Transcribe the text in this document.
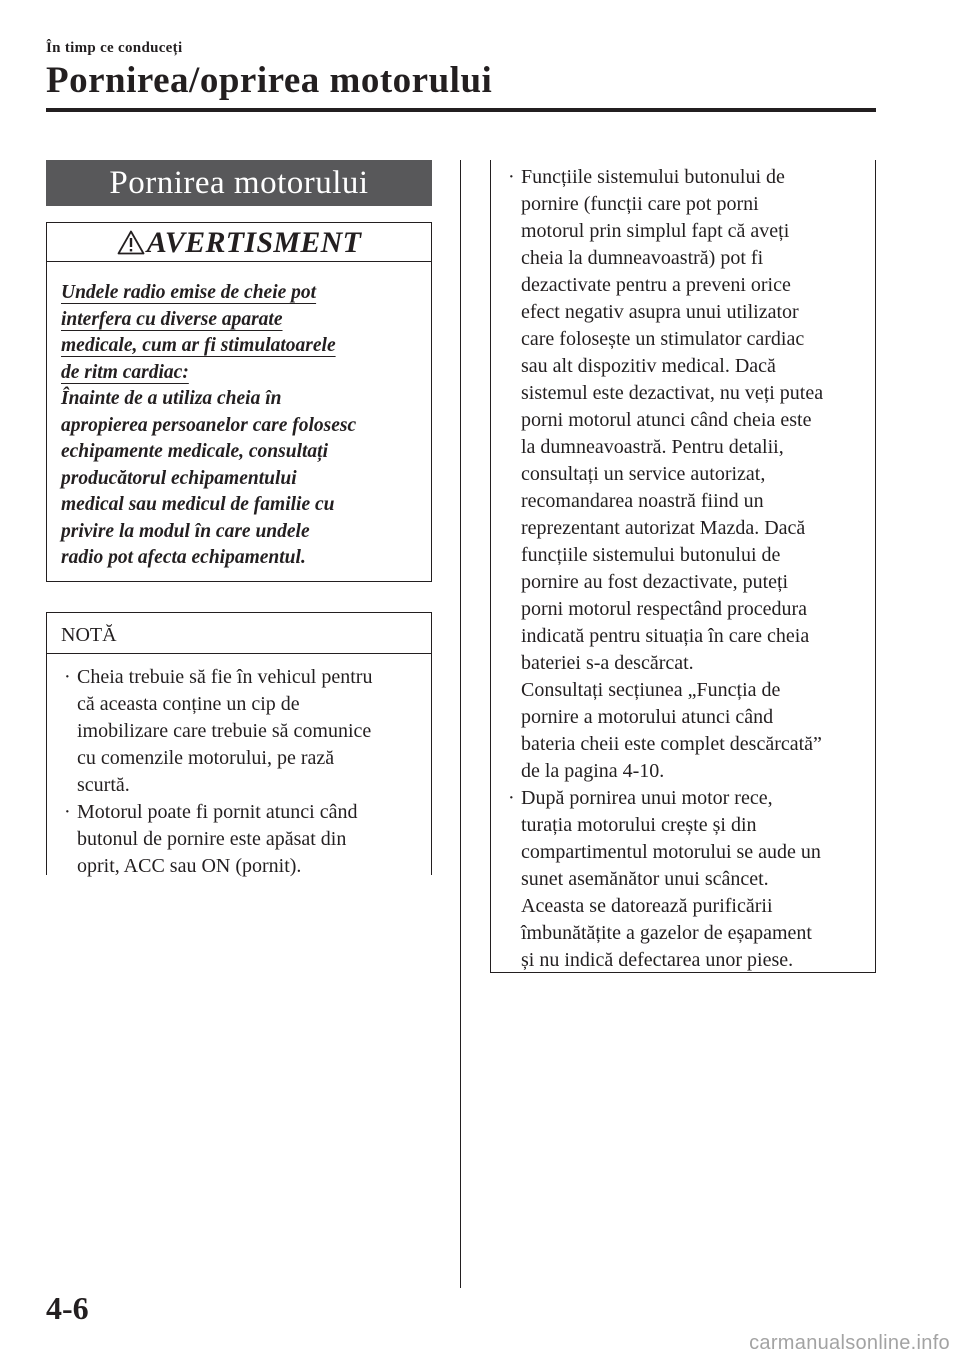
În timp ce conduceți
Pornirea/oprirea motorului
Pornirea motorului
AVERTISMENT
Undele radio emise de cheie pot
interfera cu diverse aparate
medicale, cum ar fi stimulatoarele
de ritm cardiac:
Înainte de a utiliza cheia în
apropierea persoanelor care folosesc
echipamente medicale, consultați
producătorul echipamentului
medical sau medicul de familie cu
privire la modul în care undele
radio pot afecta echipamentul.
NOTĂ
· Cheia trebuie să fie în vehicul pentru
că aceasta conține un cip de
imobilizare care trebuie să comunice
cu comenzile motorului, pe rază
scurtă.
· Motorul poate fi pornit atunci când
butonul de pornire este apăsat din
oprit, ACC sau ON (pornit).
· Funcțiile sistemului butonului de
pornire (funcții care pot porni
motorul prin simplul fapt că aveți
cheia la dumneavoastră) pot fi
dezactivate pentru a preveni orice
efect negativ asupra unui utilizator
care folosește un stimulator cardiac
sau alt dispozitiv medical. Dacă
sistemul este dezactivat, nu veți putea
porni motorul atunci când cheia este
la dumneavoastră. Pentru detalii,
consultați un service autorizat,
recomandarea noastră fiind un
reprezentant autorizat Mazda. Dacă
funcțiile sistemului butonului de
pornire au fost dezactivate, puteți
porni motorul respectând procedura
indicată pentru situația în care cheia
bateriei s-a descărcat.
Consultați secțiunea „Funcția de
pornire a motorului atunci când
bateria cheii este complet descărcată”
de la pagina 4-10.
· După pornirea unui motor rece,
turația motorului crește și din
compartimentul motorului se aude un
sunet asemănător unui scâncet.
Aceasta se datorează purificării
îmbunătățite a gazelor de eșapament
și nu indică defectarea unor piese.
4-6
carmanualsonline.info
